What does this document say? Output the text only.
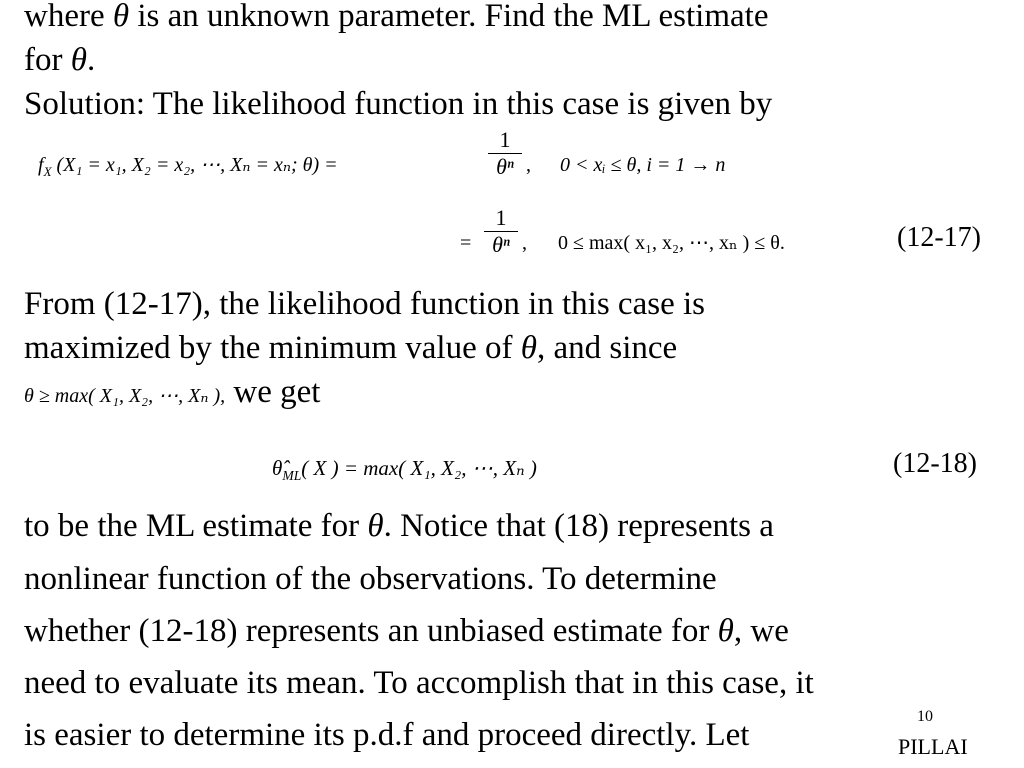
where θ is an unknown parameter. Find the ML estimate
for θ.
Solution: The likelihood function in this case is given by
$f_X$ (X₁ = x₁, X₂ = x₂, ⋯, Xₙ = xₙ; θ) =
1
θⁿ , 0 < xᵢ ≤ θ, i = 1 → n
=
1
θⁿ , 0 ≤ max( x₁, x₂, ⋯, xₙ ) ≤ θ.	(12-17)
From (12-17), the likelihood function in this case is
maximized by the minimum value of θ, and since
θ ≥ max( X₁, X₂, ⋯, Xₙ ), we get
$\thetâ_{ML}$( X ) = max( X₁, X₂, ⋯, Xₙ )	(12-18)
to be the ML estimate for θ. Notice that (18) represents a
nonlinear function of the observations. To determine
whether (12-18) represents an unbiased estimate for θ, we
need to evaluate its mean. To accomplish that in this case, it
is easier to determine its p.d.f and proceed directly. Let
10
PILLAI
